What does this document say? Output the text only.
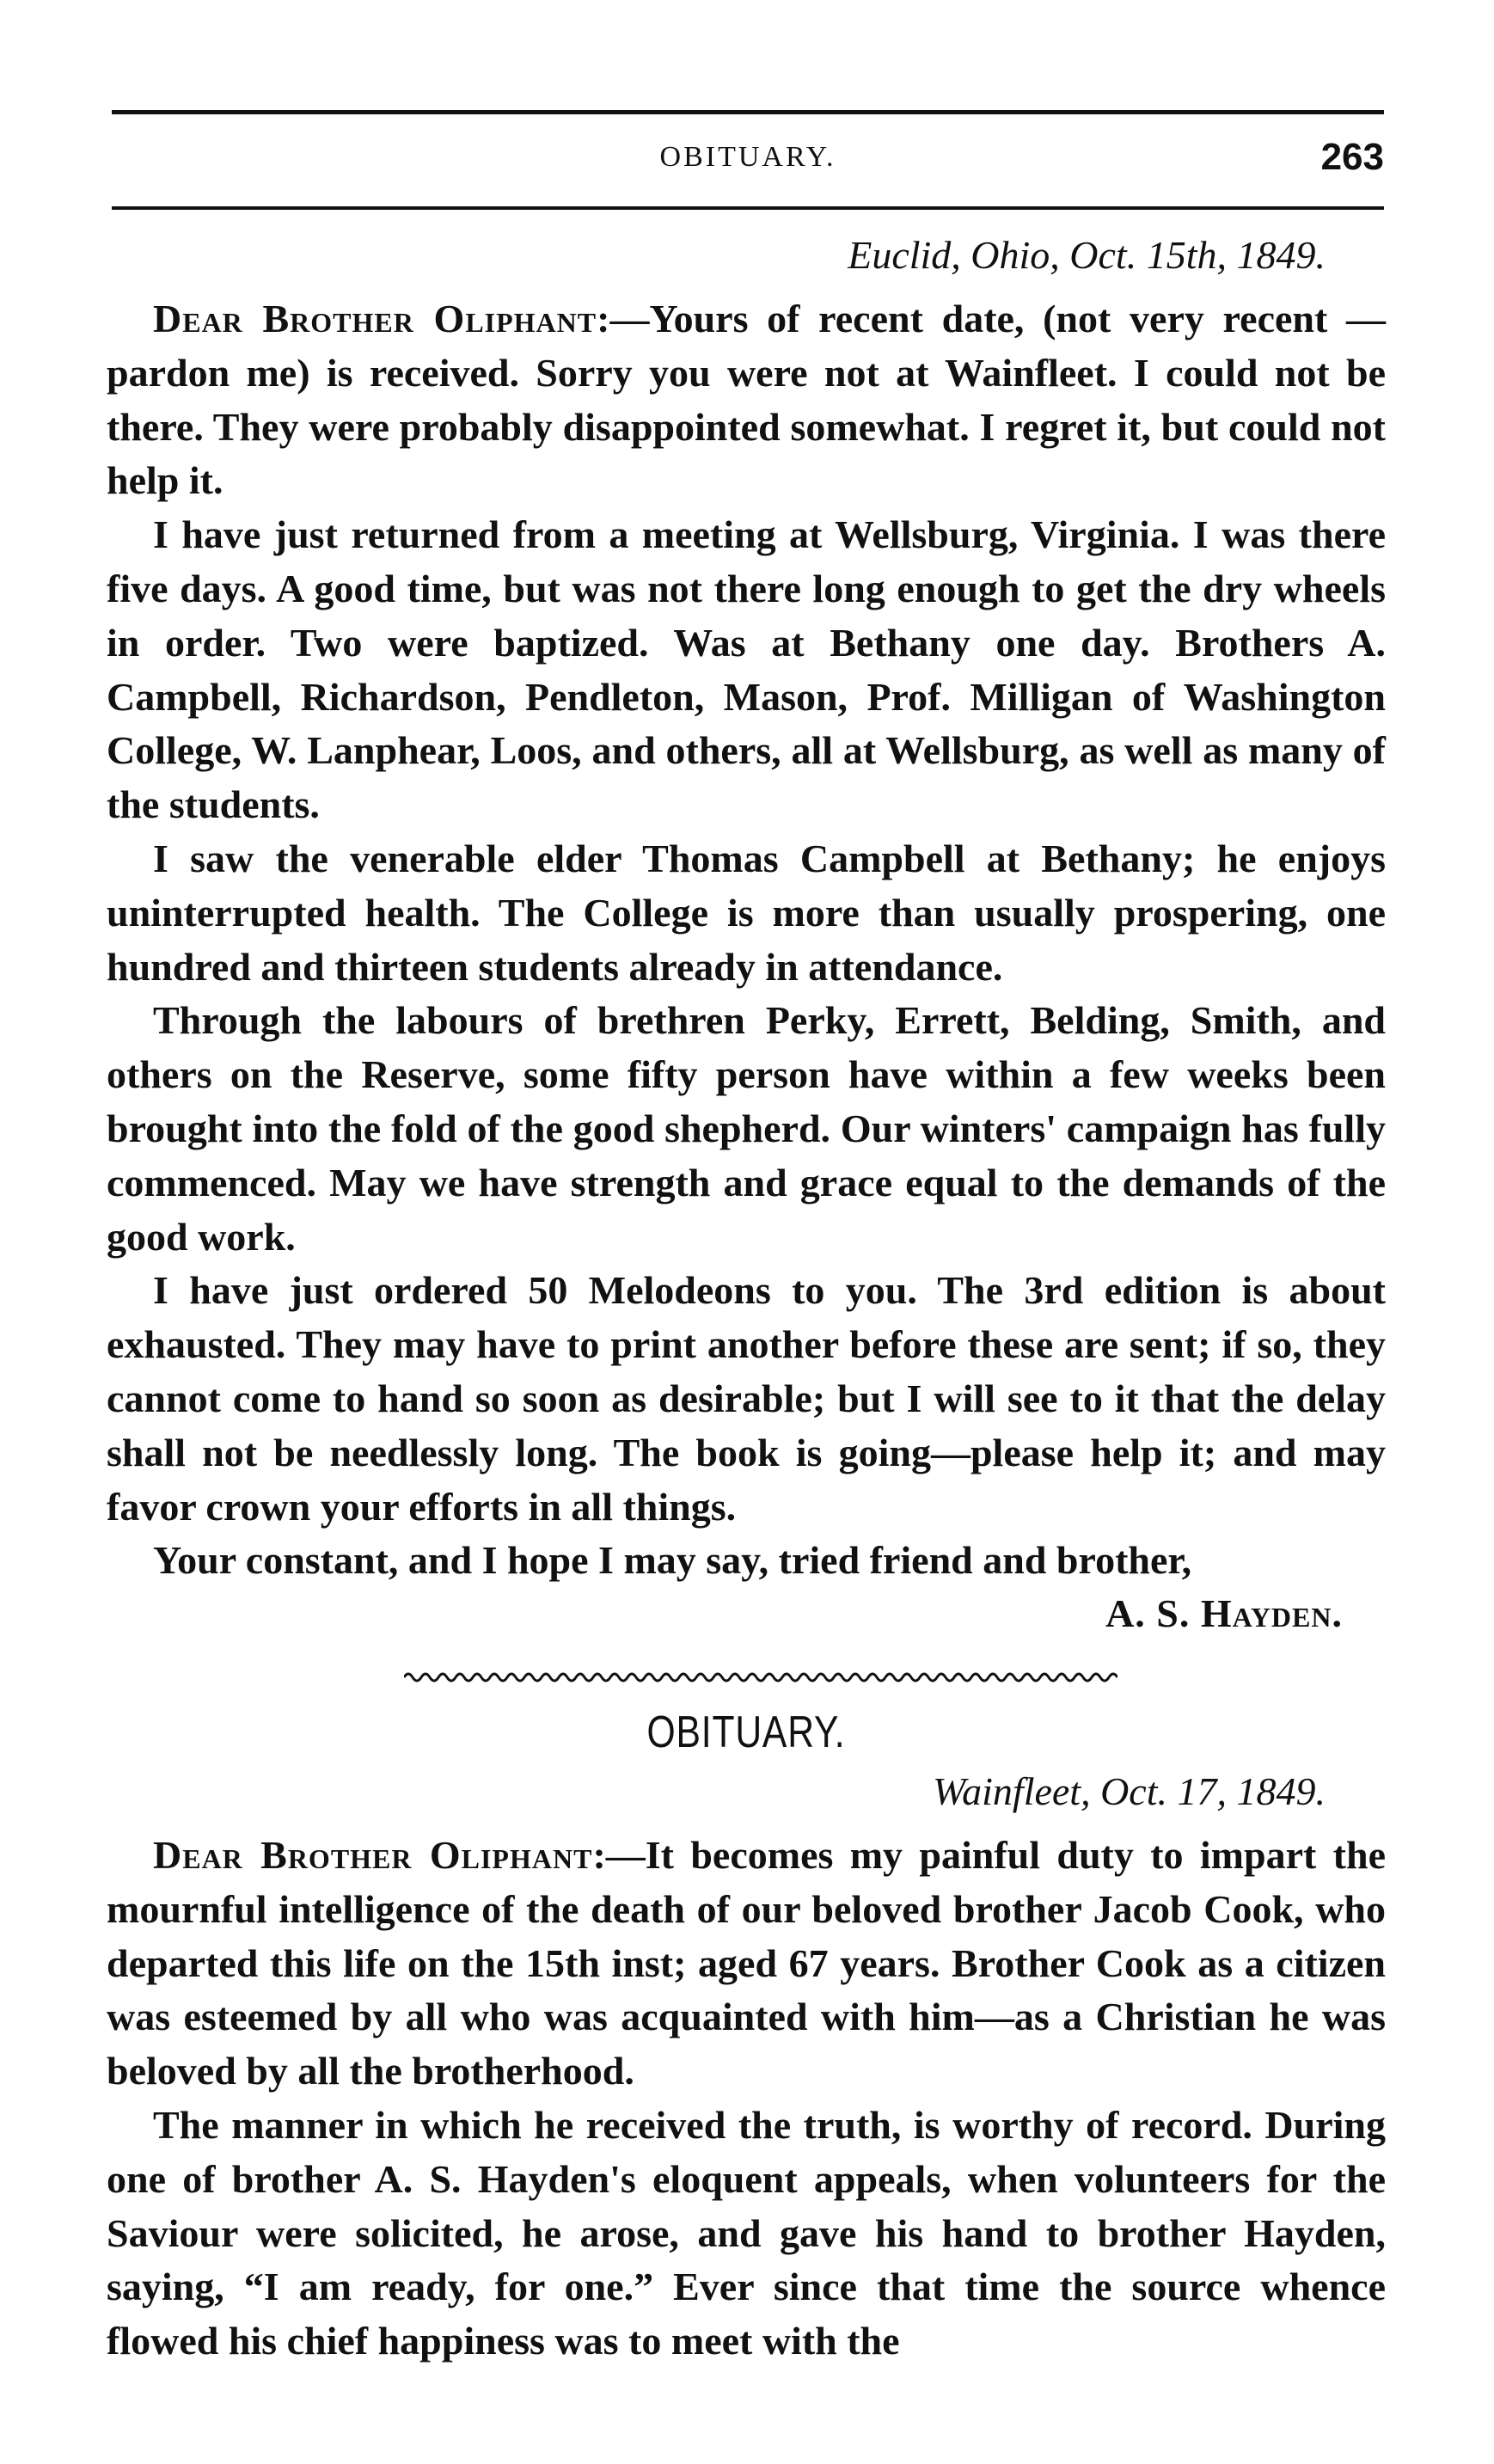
OBITUARY.	263
Euclid, Ohio, Oct. 15th, 1849.

Dear Brother Oliphant:—Yours of recent date, (not very recent —pardon me) is received. Sorry you were not at Wainfleet. I could not be there. They were probably disappointed somewhat. I regret it, but could not help it.

I have just returned from a meeting at Wellsburg, Virginia. I was there five days. A good time, but was not there long enough to get the dry wheels in order. Two were baptized. Was at Bethany one day. Brothers A. Campbell, Richardson, Pendleton, Mason, Prof. Milligan of Washington College, W. Lanphear, Loos, and others, all at Wellsburg, as well as many of the students.

I saw the venerable elder Thomas Campbell at Bethany; he enjoys uninterrupted health. The College is more than usually prospering, one hundred and thirteen students already in attendance.

Through the labours of brethren Perky, Errett, Belding, Smith, and others on the Reserve, some fifty person have within a few weeks been brought into the fold of the good shepherd. Our winters' campaign has fully commenced. May we have strength and grace equal to the demands of the good work.

I have just ordered 50 Melodeons to you. The 3rd edition is about exhausted. They may have to print another before these are sent; if so, they cannot come to hand so soon as desirable; but I will see to it that the delay shall not be needlessly long. The book is going—please help it; and may favor crown your efforts in all things.

Your constant, and I hope I may say, tried friend and brother,

A. S. Hayden.
OBITUARY.
Wainfleet, Oct. 17, 1849.

Dear Brother Oliphant:—It becomes my painful duty to impart the mournful intelligence of the death of our beloved brother Jacob Cook, who departed this life on the 15th inst; aged 67 years. Brother Cook as a citizen was esteemed by all who was acquainted with him—as a Christian he was beloved by all the brotherhood.

The manner in which he received the truth, is worthy of record. During one of brother A. S. Hayden's eloquent appeals, when volunteers for the Saviour were solicited, he arose, and gave his hand to brother Hayden, saying, “I am ready, for one.” Ever since that time the source whence flowed his chief happiness was to meet with the
